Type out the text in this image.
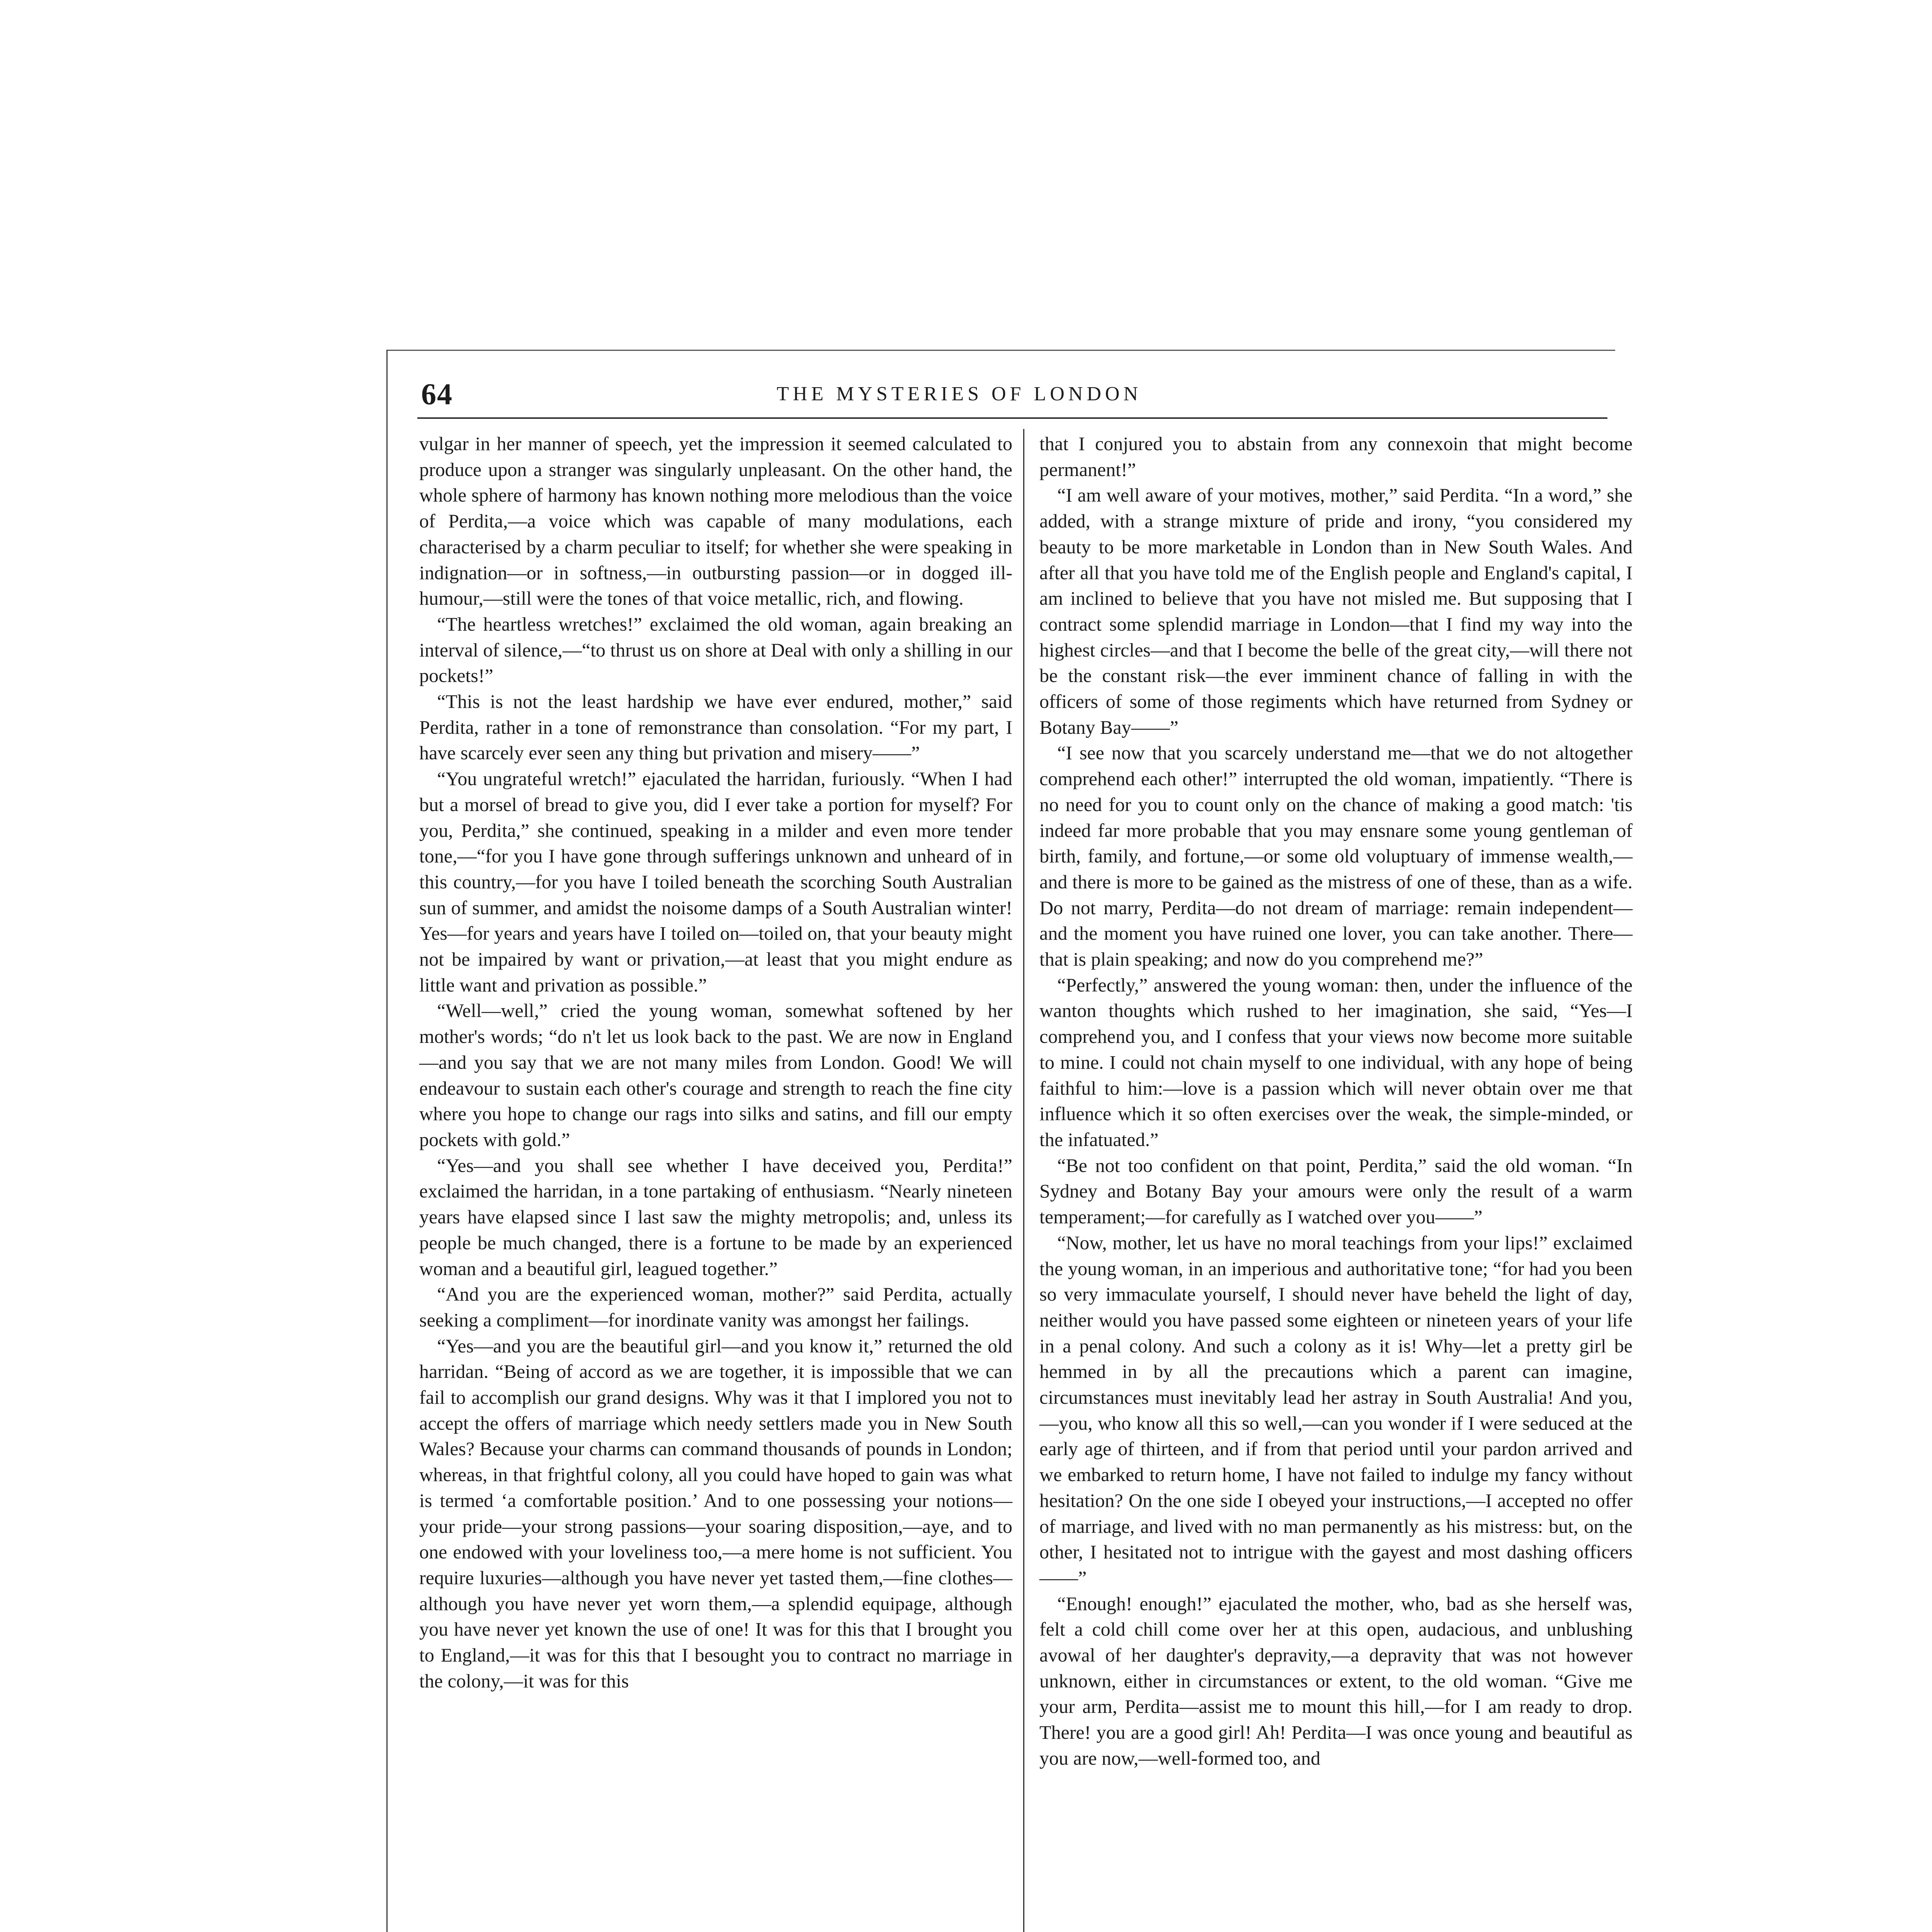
64	THE MYSTERIES OF LONDON

vulgar in her manner of speech, yet the impression it seemed calculated to produce upon a stranger was singularly unpleasant. On the other hand, the whole sphere of harmony has known nothing more melodious than the voice of Perdita,—a voice which was capable of many modulations, each characterised by a charm peculiar to itself; for whether she were speaking in indignation—or in softness,—in outbursting passion—or in dogged ill-humour,—still were the tones of that voice metallic, rich, and flowing.

“The heartless wretches!” exclaimed the old woman, again breaking an interval of silence,—“to thrust us on shore at Deal with only a shilling in our pockets!”

“This is not the least hardship we have ever endured, mother,” said Perdita, rather in a tone of remonstrance than consolation. “For my part, I have scarcely ever seen any thing but privation and misery——”

“You ungrateful wretch!” ejaculated the harridan, furiously. “When I had but a morsel of bread to give you, did I ever take a portion for myself? For you, Perdita,” she continued, speaking in a milder and even more tender tone,—“for you I have gone through sufferings unknown and unheard of in this country,—for you have I toiled beneath the scorching South Australian sun of summer, and amidst the noisome damps of a South Australian winter! Yes—for years and years have I toiled on—toiled on, that your beauty might not be impaired by want or privation,—at least that you might endure as little want and privation as possible.”

“Well—well,” cried the young woman, somewhat softened by her mother's words; “do n't let us look back to the past. We are now in England—and you say that we are not many miles from London. Good! We will endeavour to sustain each other's courage and strength to reach the fine city where you hope to change our rags into silks and satins, and fill our empty pockets with gold.”

“Yes—and you shall see whether I have deceived you, Perdita!” exclaimed the harridan, in a tone partaking of enthusiasm. “Nearly nineteen years have elapsed since I last saw the mighty metropolis; and, unless its people be much changed, there is a fortune to be made by an experienced woman and a beautiful girl, leagued together.”

“And you are the experienced woman, mother?” said Perdita, actually seeking a compliment—for inordinate vanity was amongst her failings.

“Yes—and you are the beautiful girl—and you know it,” returned the old harridan. “Being of accord as we are together, it is impossible that we can fail to accomplish our grand designs. Why was it that I implored you not to accept the offers of marriage which needy settlers made you in New South Wales? Because your charms can command thousands of pounds in London; whereas, in that frightful colony, all you could have hoped to gain was what is termed ‘a comfortable position.’ And to one possessing your notions—your pride—your strong passions—your soaring disposition,—aye, and to one endowed with your loveliness too,—a mere home is not sufficient. You require luxuries—although you have never yet tasted them,—fine clothes—although you have never yet worn them,—a splendid equipage, although you have never yet known the use of one! It was for this that I brought you to England,—it was for this that I besought you to contract no marriage in the colony,—it was for this

that I conjured you to abstain from any connexoin that might become permanent!”

“I am well aware of your motives, mother,” said Perdita. “In a word,” she added, with a strange mixture of pride and irony, “you considered my beauty to be more marketable in London than in New South Wales. And after all that you have told me of the English people and England's capital, I am inclined to believe that you have not misled me. But supposing that I contract some splendid marriage in London—that I find my way into the highest circles—and that I become the belle of the great city,—will there not be the constant risk—the ever imminent chance of falling in with the officers of some of those regiments which have returned from Sydney or Botany Bay——”

“I see now that you scarcely understand me—that we do not altogether comprehend each other!” interrupted the old woman, impatiently. “There is no need for you to count only on the chance of making a good match: 'tis indeed far more probable that you may ensnare some young gentleman of birth, family, and fortune,—or some old voluptuary of immense wealth,—and there is more to be gained as the mistress of one of these, than as a wife. Do not marry, Perdita—do not dream of marriage: remain independent—and the moment you have ruined one lover, you can take another. There—that is plain speaking; and now do you comprehend me?”

“Perfectly,” answered the young woman: then, under the influence of the wanton thoughts which rushed to her imagination, she said, “Yes—I comprehend you, and I confess that your views now become more suitable to mine. I could not chain myself to one individual, with any hope of being faithful to him:—love is a passion which will never obtain over me that influence which it so often exercises over the weak, the simple-minded, or the infatuated.”

“Be not too confident on that point, Perdita,” said the old woman. “In Sydney and Botany Bay your amours were only the result of a warm temperament;—for carefully as I watched over you——”

“Now, mother, let us have no moral teachings from your lips!” exclaimed the young woman, in an imperious and authoritative tone; “for had you been so very immaculate yourself, I should never have beheld the light of day, neither would you have passed some eighteen or nineteen years of your life in a penal colony. And such a colony as it is! Why—let a pretty girl be hemmed in by all the precautions which a parent can imagine, circumstances must inevitably lead her astray in South Australia! And you,—you, who know all this so well,—can you wonder if I were seduced at the early age of thirteen, and if from that period until your pardon arrived and we embarked to return home, I have not failed to indulge my fancy without hesitation? On the one side I obeyed your instructions,—I accepted no offer of marriage, and lived with no man permanently as his mistress: but, on the other, I hesitated not to intrigue with the gayest and most dashing officers——”

“Enough! enough!” ejaculated the mother, who, bad as she herself was, felt a cold chill come over her at this open, audacious, and unblushing avowal of her daughter's depravity,—a depravity that was not however unknown, either in circumstances or extent, to the old woman. “Give me your arm, Perdita—assist me to mount this hill,—for I am ready to drop. There! you are a good girl! Ah! Perdita—I was once young and beautiful as you are now,—well-formed too, and
